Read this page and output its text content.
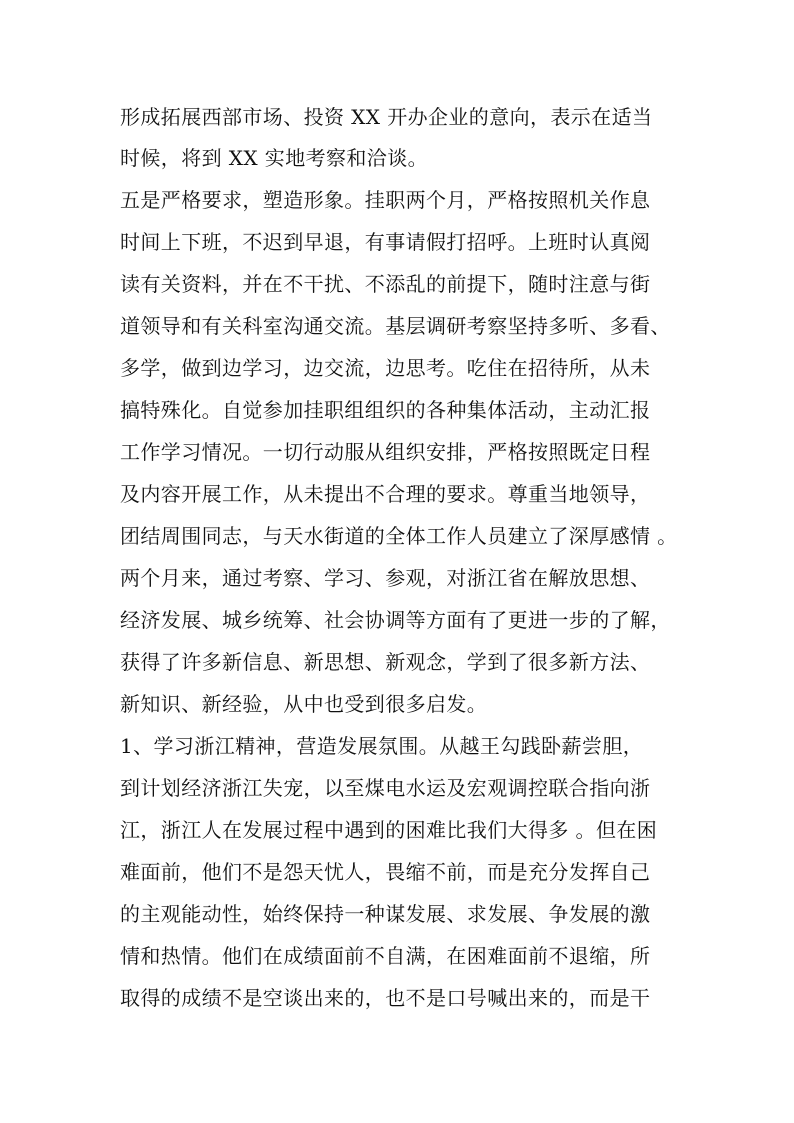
形成拓展西部市场、投资 XX 开办企业的意向，表示在适当
时候，将到 XX 实地考察和洽谈。
五是严格要求，塑造形象。挂职两个月，严格按照机关作息
时间上下班，不迟到早退，有事请假打招呼。上班时认真阅
读有关资料，并在不干扰、不添乱的前提下，随时注意与街
道领导和有关科室沟通交流。基层调研考察坚持多听、多看、
多学，做到边学习，边交流，边思考。吃住在招待所，从未
搞特殊化。自觉参加挂职组组织的各种集体活动，主动汇报
工作学习情况。一切行动服从组织安排，严格按照既定日程
及内容开展工作，从未提出不合理的要求。尊重当地领导，
团结周围同志，与天水街道的全体工作人员建立了深厚感情 。
两个月来，通过考察、学习、参观，对浙江省在解放思想、
经济发展、城乡统筹、社会协调等方面有了更进一步的了解，
获得了许多新信息、新思想、新观念，学到了很多新方法、
新知识、新经验，从中也受到很多启发。
1、学习浙江精神，营造发展氛围。从越王勾践卧薪尝胆，
到计划经济浙江失宠，以至煤电水运及宏观调控联合指向浙
江，浙江人在发展过程中遇到的困难比我们大得多 。但在困
难面前，他们不是怨天忧人，畏缩不前，而是充分发挥自己
的主观能动性，始终保持一种谋发展、求发展、争发展的激
情和热情。他们在成绩面前不自满，在困难面前不退缩，所
取得的成绩不是空谈出来的，也不是口号喊出来的，而是干
